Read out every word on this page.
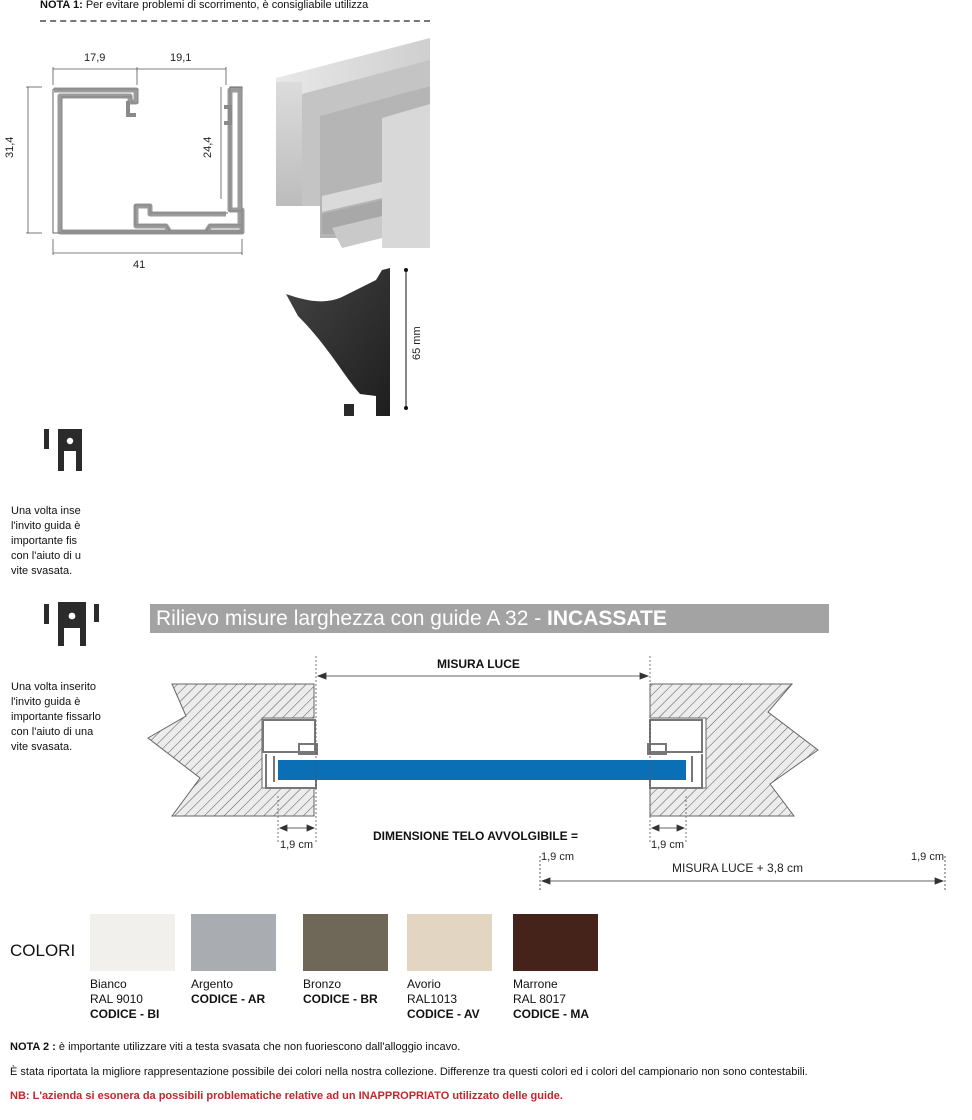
NOTA 1: Per evitare problemi di scorrimento, è consigliabile utilizza
17,9	19,1
31,4	24,4
41
65 mm
Una volta inse
l'invito guida è
importante fis
con l'aiuto di u
vite svasata.
Una volta inserito
l'invito guida è
importante fissarlo
con l'aiuto di una
vite svasata.
Rilievo misure larghezza con guide A 32 - INCASSATE
MISURA LUCE
DIMENSIONE TELO AVVOLGIBILE =
1,9 cm	1,9 cm
1,9 cm	1,9 cm
MISURA LUCE + 3,8 cm
COLORI
Bianco
RAL 9010
CODICE - BI
Argento
CODICE - AR
Bronzo
CODICE - BR
Avorio
RAL1013
CODICE - AV
Marrone
RAL 8017
CODICE - MA
NOTA 2 : è importante utilizzare viti a testa svasata che non fuoriescono dall'alloggio incavo.
È stata riportata la migliore rappresentazione possibile dei colori nella nostra collezione. Differenze tra questi colori ed i colori del campionario non sono contestabili.
NB: L'azienda si esonera da possibili problematiche relative ad un INAPPROPRIATO utilizzato delle guide.
